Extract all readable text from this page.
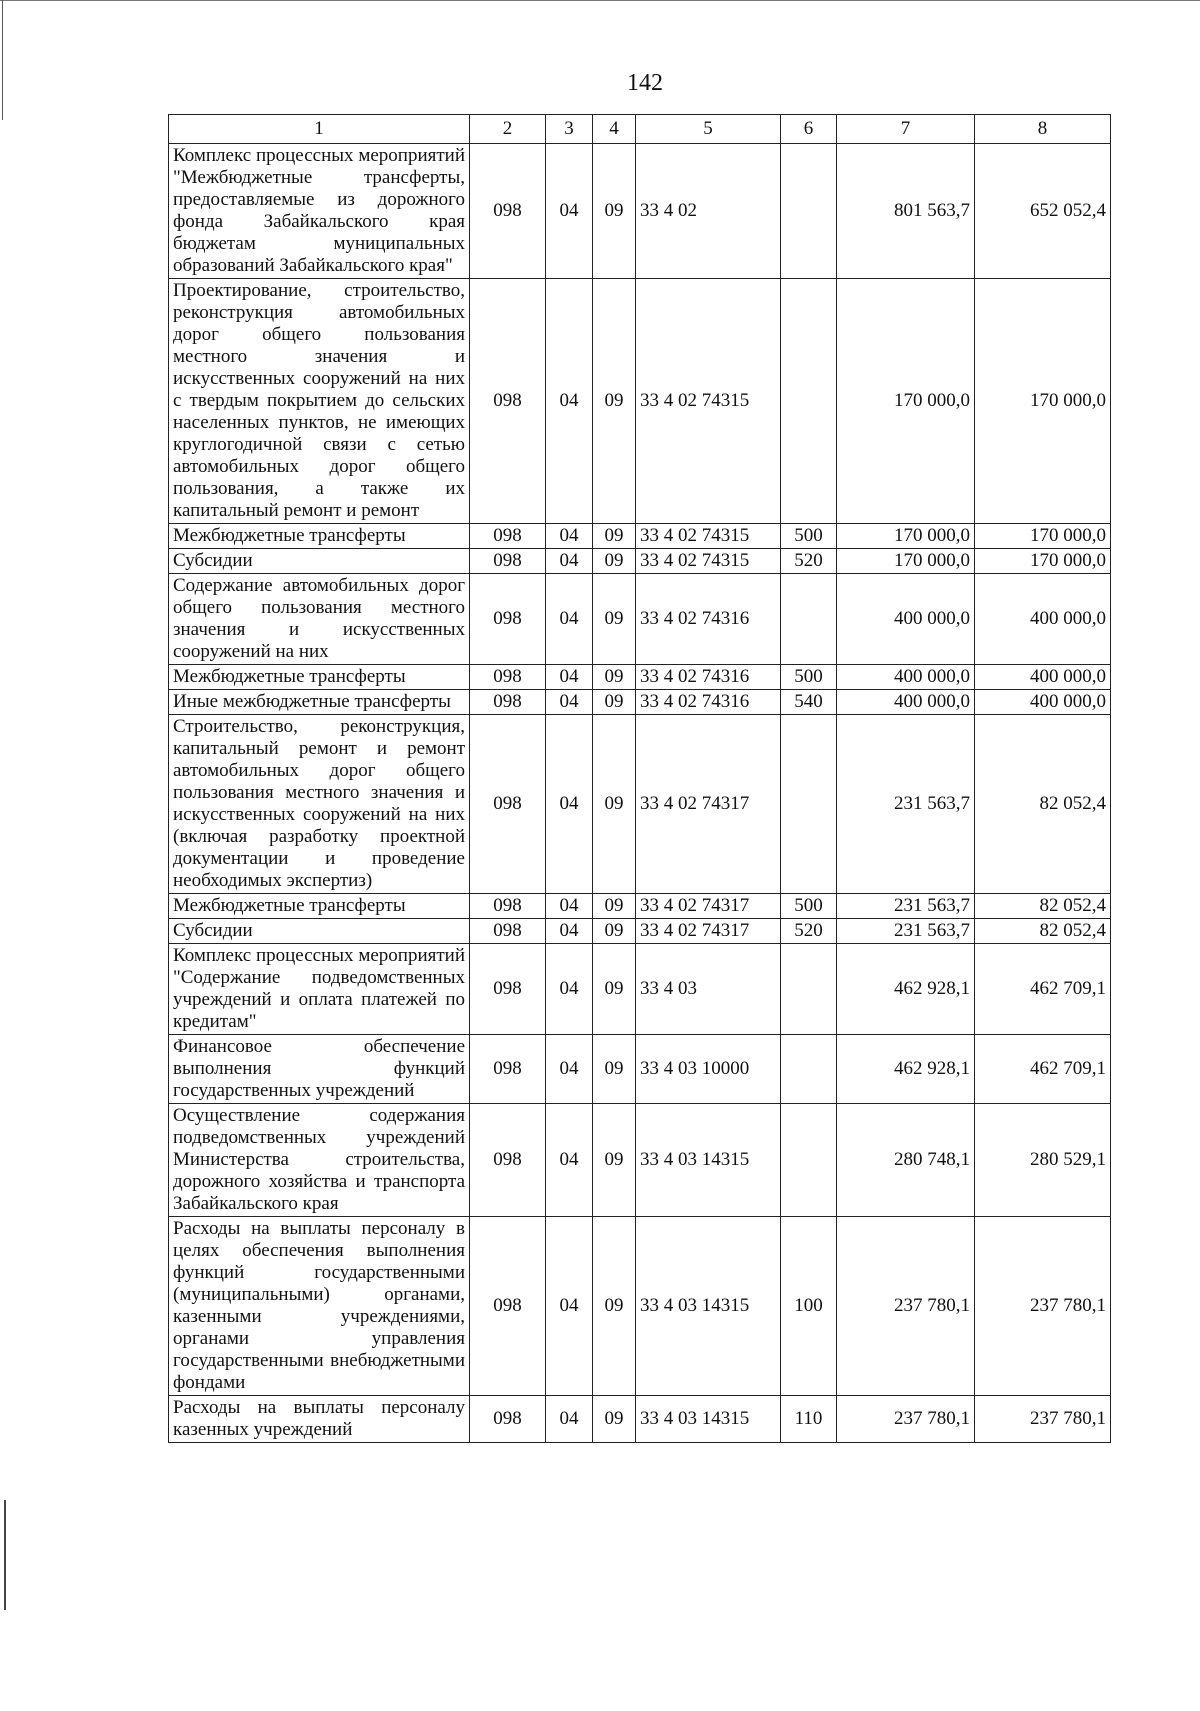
142
1	2	3	4	5	6	7	8
Комплекс процессных мероприятий "Межбюджетные трансферты, предоставляемые из дорожного фонда Забайкальского края бюджетам муниципальных образований Забайкальского края"	098	04	09	33 4 02		801 563,7	652 052,4
Проектирование, строительство, реконструкция автомобильных дорог общего пользования местного значения и искусственных сооружений на них с твердым покрытием до сельских населенных пунктов, не имеющих круглогодичной связи с сетью автомобильных дорог общего пользования, а также их капитальный ремонт и ремонт	098	04	09	33 4 02 74315		170 000,0	170 000,0
Межбюджетные трансферты	098	04	09	33 4 02 74315	500	170 000,0	170 000,0
Субсидии	098	04	09	33 4 02 74315	520	170 000,0	170 000,0
Содержание автомобильных дорог общего пользования местного значения и искусственных сооружений на них	098	04	09	33 4 02 74316		400 000,0	400 000,0
Межбюджетные трансферты	098	04	09	33 4 02 74316	500	400 000,0	400 000,0
Иные межбюджетные трансферты	098	04	09	33 4 02 74316	540	400 000,0	400 000,0
Строительство, реконструкция, капитальный ремонт и ремонт автомобильных дорог общего пользования местного значения и искусственных сооружений на них (включая разработку проектной документации и проведение необходимых экспертиз)	098	04	09	33 4 02 74317		231 563,7	82 052,4
Межбюджетные трансферты	098	04	09	33 4 02 74317	500	231 563,7	82 052,4
Субсидии	098	04	09	33 4 02 74317	520	231 563,7	82 052,4
Комплекс процессных мероприятий "Содержание подведомственных учреждений и оплата платежей по кредитам"	098	04	09	33 4 03		462 928,1	462 709,1
Финансовое обеспечение выполнения функций государственных учреждений	098	04	09	33 4 03 10000		462 928,1	462 709,1
Осуществление содержания подведомственных учреждений Министерства строительства, дорожного хозяйства и транспорта Забайкальского края	098	04	09	33 4 03 14315		280 748,1	280 529,1
Расходы на выплаты персоналу в целях обеспечения выполнения функций государственными (муниципальными) органами, казенными учреждениями, органами управления государственными внебюджетными фондами	098	04	09	33 4 03 14315	100	237 780,1	237 780,1
Расходы на выплаты персоналу казенных учреждений	098	04	09	33 4 03 14315	110	237 780,1	237 780,1
